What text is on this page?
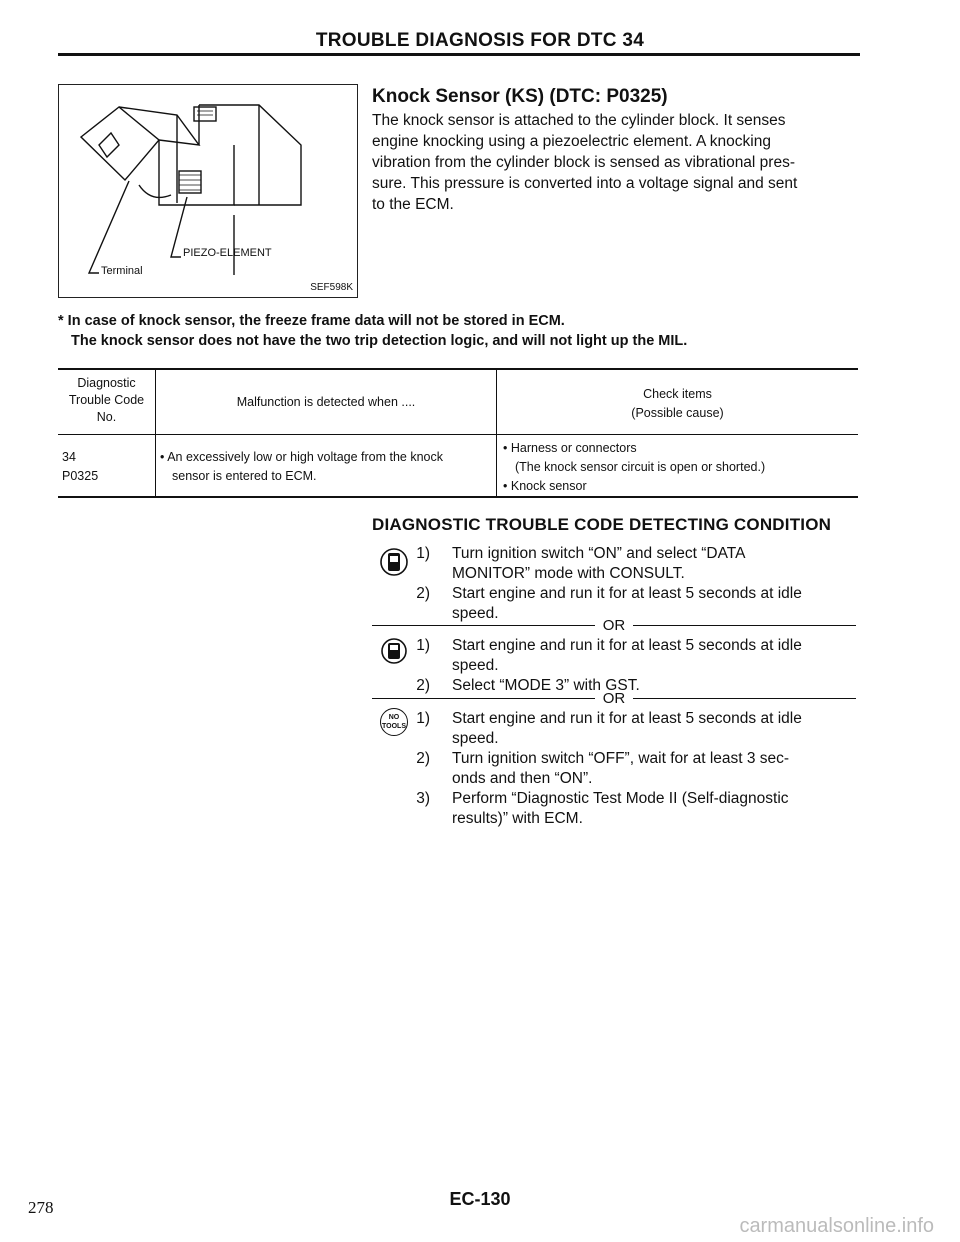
TROUBLE DIAGNOSIS FOR DTC 34
PIEZO-ELEMENT
Terminal
SEF598K
Knock Sensor (KS) (DTC: P0325)
The knock sensor is attached to the cylinder block. It senses
engine knocking using a piezoelectric element. A knocking
vibration from the cylinder block is sensed as vibrational pres-
sure. This pressure is converted into a voltage signal and sent
to the ECM.
* In case of knock sensor, the freeze frame data will not be stored in ECM.
The knock sensor does not have the two trip detection logic, and will not light up the MIL.
Diagnostic
Trouble Code
No.
Malfunction is detected when ....
Check items
(Possible cause)
34
P0325
• An excessively low or high voltage from the knock
sensor is entered to ECM.
• Harness or connectors
(The knock sensor circuit is open or shorted.)
• Knock sensor
DIAGNOSTIC TROUBLE CODE DETECTING CONDITION
1) Turn ignition switch “ON” and select “DATA
MONITOR” mode with CONSULT.
2) Start engine and run it for at least 5 seconds at idle
speed.
OR
1) Start engine and run it for at least 5 seconds at idle
speed.
2) Select “MODE 3” with GST.
OR
NO
TOOLS 1) Start engine and run it for at least 5 seconds at idle
speed.
2) Turn ignition switch “OFF”, wait for at least 3 sec-
onds and then “ON”.
3) Perform “Diagnostic Test Mode II (Self-diagnostic
results)” with ECM.
278	EC-130
carmanualsonline.info
